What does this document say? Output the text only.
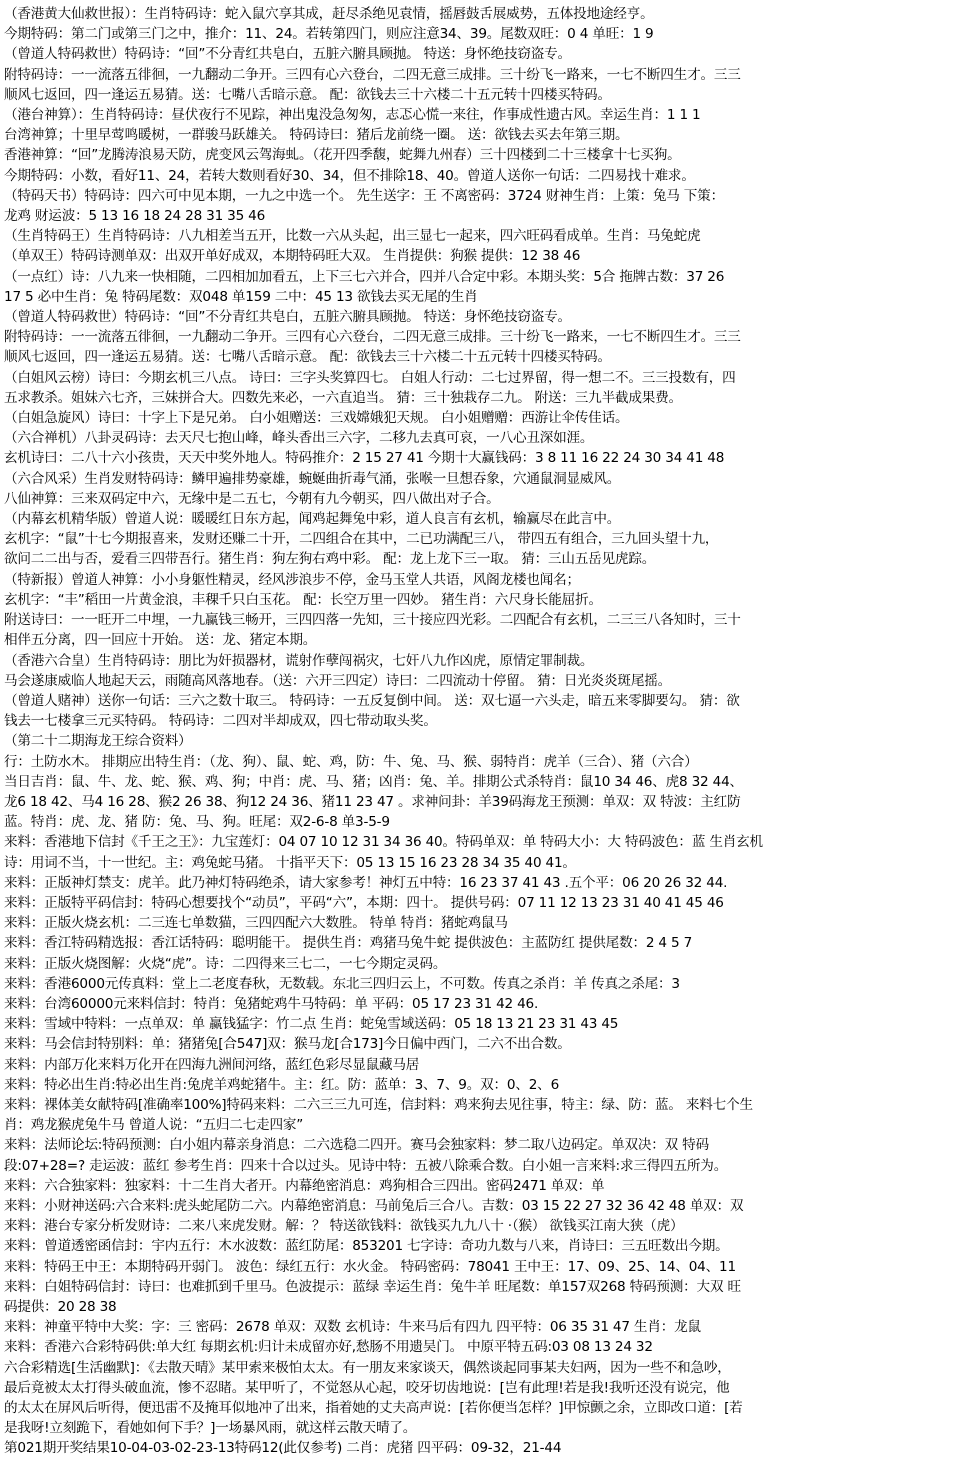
（香港黄大仙救世报）：生肖特码诗：蛇入鼠穴享其成，赶尽杀绝见袁情，摇唇鼓舌展威势，五体投地途经亨。
今期特码：第二门或第三门之中，推介：11、24。若转第四门，则应注意34、39。尾数双旺：0 4 单旺：1 9
（曾道人特码救世）特码诗：“回”不分青红共皂白，五脏六腑具顾抛。 特送：身怀绝技窃盗专。
附特码诗：一一流落五徘徊，一九翻动二争开。三四有心六登台，二四无意三成排。三十纷飞一路来，一七不断四生才。三三
顺风七返回，四一逢运五易猜。送：七嘴八舌暗示意。 配：欲钱去三十六楼二十五元转十四楼买特码。
（港台神算）：生肖特码诗：昼伏夜行不见踪，神出鬼没急匆匆，志忑心慌一来往，作事成性遗古风。幸运生肖：1 1 1
台湾神算；十里早莺鸣暖树，一群骏马跃雄关。 特码诗曰：猪后龙前绕一圈。 送：欲钱去买去年第三期。
香港神算：“回”龙腾涛浪易天防，虎变风云驾海虬。（花开四季馥，蛇舞九州春）三十四楼到二十三楼拿十七买狗。
今期特码：小数，看好11、24，若转大数则看好30、34，但不排除18、40。曾道人送你一句话：二四易找十难求。
（特码天书）特码诗：四六可中见本期，一九之中选一个。 先生送字：王 不离密码：3724 财神生肖：上策：兔马 下策：
龙鸡 财运波：5 13 16 18 24 28 31 35 46
（生肖特码王）生肖特码诗：八九相差当五开，比数一六从头起，出三显七一起来，四六旺码看成单。生肖：马兔蛇虎
（单双王）特码诗测单双：出双开单好成双，本期特码旺大双。 生肖提供：狗猴 提供：12 38 46
（一点红）诗：八九来一快相随，二四相加加看五，上下三七六并合，四并八合定中彩。本期头奖：5合 拖牌古数：37 26
17 5 必中生肖：兔 特码尾数：双048 单159 二中：45 13 欲钱去买无尾的生肖
（曾道人特码救世）特码诗：“回”不分青红共皂白，五脏六腑具顾抛。 特送：身怀绝技窃盗专。
附特码诗：一一流落五徘徊，一九翻动二争开。三四有心六登台，二四无意三成排。三十纷飞一路来，一七不断四生才。三三
顺风七返回，四一逢运五易猜。送：七嘴八舌暗示意。 配：欲钱去三十六楼二十五元转十四楼买特码。
（白姐风云榜）诗曰：今期玄机三八点。 诗曰：三字头奖算四七。 白姐人行动：二七过界留，得一想二不。三三投数有，四
五求教杀。姐妹六七齐，三妹拼合大。四数先来必，一六直追当。 猜：三十独栽存二九。 附送：三九半截成果费。
（白姐急旋风）诗曰：十字上下是兄弟。 白小姐赠送：三戏嫦娥犯天规。 白小姐赠赠：西游让伞传佳话。
（六合禅机）八卦灵码诗：去天尺七抱山峰，峰头香出三六字，二移九去真可哀，一八心丑深如涯。
玄机诗曰：二八十六小孩贵，天天中奖外地人。特码推介：2 15 27 41 今期十大赢钱码：3 8 11 16 22 24 30 34 41 48
（六合风采）生肖发财特码诗：鳞甲遍排势豪雄，蜿蜒曲折毒气涌，张喉一旦想吞象，穴通鼠洞显威风。
八仙神算：三来双码定中六，无缘中是二五七，今朝有九今朝买，四八做出对子合。
（内幕玄机精华版）曾道人说：暖暖红日东方起，闻鸡起舞兔中彩，道人良言有玄机，输赢尽在此言中。
玄机字：“鼠”十七今期报喜来，发财还赚二十开，二四组合在其中，二已功满配三八， 带四五有组合，三九回头望十九，
欲问二二出与否，爱看三四带吾行。猪生肖：狗左狗右鸡中彩。 配：龙上龙下三一取。 猜：三山五岳见虎踪。
（特新报）曾道人神算：小小身躯性精灵，经风涉浪步不停，金马玉堂人共语，风阁龙楼也闻名；
玄机字：“丰”稻田一片黄金浪，丰稞千只白玉花。 配：长空万里一四妙。 猪生肖：六尺身长能屈折。
附送诗曰：一一旺开二中埋，一九赢钱三畅开，三四四落一先知，三十接应四光彩。二四配合有玄机，二三三八各知时，三十
相伴五分离，四一回应十开始。 送：龙、猪定本期。
（香港六合皇）生肖特码诗：朋比为奸损器材，谎射作孽闯祸灾，七奸八九作凶虎，原情定罪制裁。
马会遂康威临人地起天云，雨随高风落地春。（送：六开三四定）诗曰：二四流动十停留。 猜：日光炎炎斑尾摇。
（曾道人赌神）送你一句话：三六之数十取三。 特码诗：一五反复倒中间。 送：双七逼一六头走，暗五来零脚要勾。 猜：欲
钱去一七楼拿三元买特码。 特码诗：二四对半却成双，四七带动取头奖。
（第二十二期海龙王综合资料）
行：土防水木。 排期应出特生肖：（龙、狗）、鼠、蛇、鸡，防：牛、兔、马、猴、弱特肖：虎羊（三合）、猪（六合）
当日吉肖：鼠、牛、龙、蛇、猴、鸡、狗；中肖：虎、马、猪；凶肖：兔、羊。排期公式杀特肖：鼠10 34 46、虎8 32 44、
龙6 18 42、马4 16 28、猴2 26 38、狗12 24 36、猪11 23 47 。求神问卦：羊39码海龙王预测：单双：双 特波：主红防
蓝。特肖：虎、龙、猪 防：兔、马、狗。旺尾：双2-6-8 单3-5-9
来料：香港地下信封《千王之王》：九宝莲灯：04 07 10 12 31 34 36 40。特码单双：单 特码大小：大 特码波色：蓝 生肖玄机
诗：用词不当，十一世纪。主：鸡兔蛇马猪。 十指平天下：05 13 15 16 23 28 34 35 40 41。
来料：正版神灯禁支：虎羊。此乃神灯特码绝杀，请大家参考！神灯五中特：16 23 37 41 43 .五个平：06 20 26 32 44.
来料：正版特平码信封：特码心想要找个“动员”，平码“六”，本期：四十。 提供号码：07 11 12 13 23 31 40 41 45 46
来料：正版火烧玄机：二三连七单数猫，三四四配六大数胜。 特单 特肖：猪蛇鸡鼠马
来料：香江特码精选报：香江话特码：聪明能干。 提供生肖：鸡猪马兔牛蛇 提供波色：主蓝防红 提供尾数：2 4 5 7
来料：正版火烧图解：火烧“虎”。诗：二四得来三七二，一七今期定灵码。
来料：香港6000元传真料：堂上二老度春秋，无数载。东北三四归云上，不可数。传真之杀肖：羊 传真之杀尾：3
来料：台湾60000元来料信封：特肖：兔猪蛇鸡牛马特码：单 平码：05 17 23 31 42 46.
来料：雪域中特料：一点单双：单 赢钱猛字：竹二点 生肖：蛇兔雪域送码：05 18 13 21 23 31 43 45
来料：马会信封特别料：单：猪猪兔[合547]双：猴马龙[合173]今日偏中西门，二六不出合数。
来料：内部万化来料万化开在四海九洲间河络，蓝红色彩尽显鼠藏马居
来料：特必出生肖:特必出生肖:兔虎羊鸡蛇猪牛。主：红。防：蓝单：3、7、9。双：0、2、6
来料：裸体美女献特码[准确率100%]特码来料：二六三三九可连，信封料：鸡来狗去见往事，特主：绿、防：蓝。 来料七个生
肖：鸡龙猴虎兔牛马 曾道人说：“五归二七走四家”
来料：法师论坛:特码预测：白小姐内幕亲身消息：二六选稳二四开。赛马会独家料：梦二取八边码定。单双决：双 特码
段:07+28=? 走运波：蓝红 参考生肖：四来十合以过头。见诗中特：五被八除乘合数。白小姐一言来料:求三得四五所为。
来料：六合独家料：独家料：十二生肖大者开。内幕绝密消息：鸡狗相合三四出。密码2471 单双：单
来料：小财神送码:六合来料:虎头蛇尾防二六。内幕绝密消息：马前兔后三合八。吉数：03 15 22 27 32 36 42 48 单双：双
来料：港台专家分析发财诗：二来八来虎发财。解：？ 特送欲钱料：欲钱买九九八十 ·（猴） 欲钱买江南大狭（虎）
来料：曾道透密函信封：宇内五行：木水波数：蓝红防尾：853201 七字诗：奇功九数与八来，肖诗曰：三五旺数出今期。
来料：特码王中王：本期特码开弱门。 波色：绿红五行：水火金。 特码密码：78041 王中王：17、09、25、14、04、11
来料：白姐特码信封：诗曰：也难抓到千里马。色波提示：蓝绿 幸运生肖：兔牛羊 旺尾数：单157双268 特码预测：大双 旺
码提供：20 28 38
来料：神童平特中大奖：字：三 密码：2678 单双：双数 玄机诗：牛来马后有四九 四平特：06 35 31 47 生肖：龙鼠
来料：香港六合彩特码供:单大红 每期玄机:归计未成留亦好,愁肠不用遗吴门。 中原平特五码:03 08 13 24 32
六合彩精选[生活幽默]：《去散天晴》某甲索来极怕太太。有一朋友来家谈天，偶然谈起同事某夫妇两，因为一些不和急吵，
最后竟被太太打得头破血流，惨不忍睹。某甲听了，不觉怒从心起，咬牙切齿地说：[岂有此理!若是我!我听还没有说完，他
的太太在屏风后听得，便迅雷不及掩耳似地冲了出来，指着她的丈夫高声说：[若你便当怎样？]甲惊颤之余，立即改口道：[若
是我呀!立刻跪下，看她如何下手？]一场暴风雨，就这样云散天晴了。
第021期开奖结果10-04-03-02-23-13特码12(此仅参考) 二肖：虎猪 四平码：09-32，21-44
